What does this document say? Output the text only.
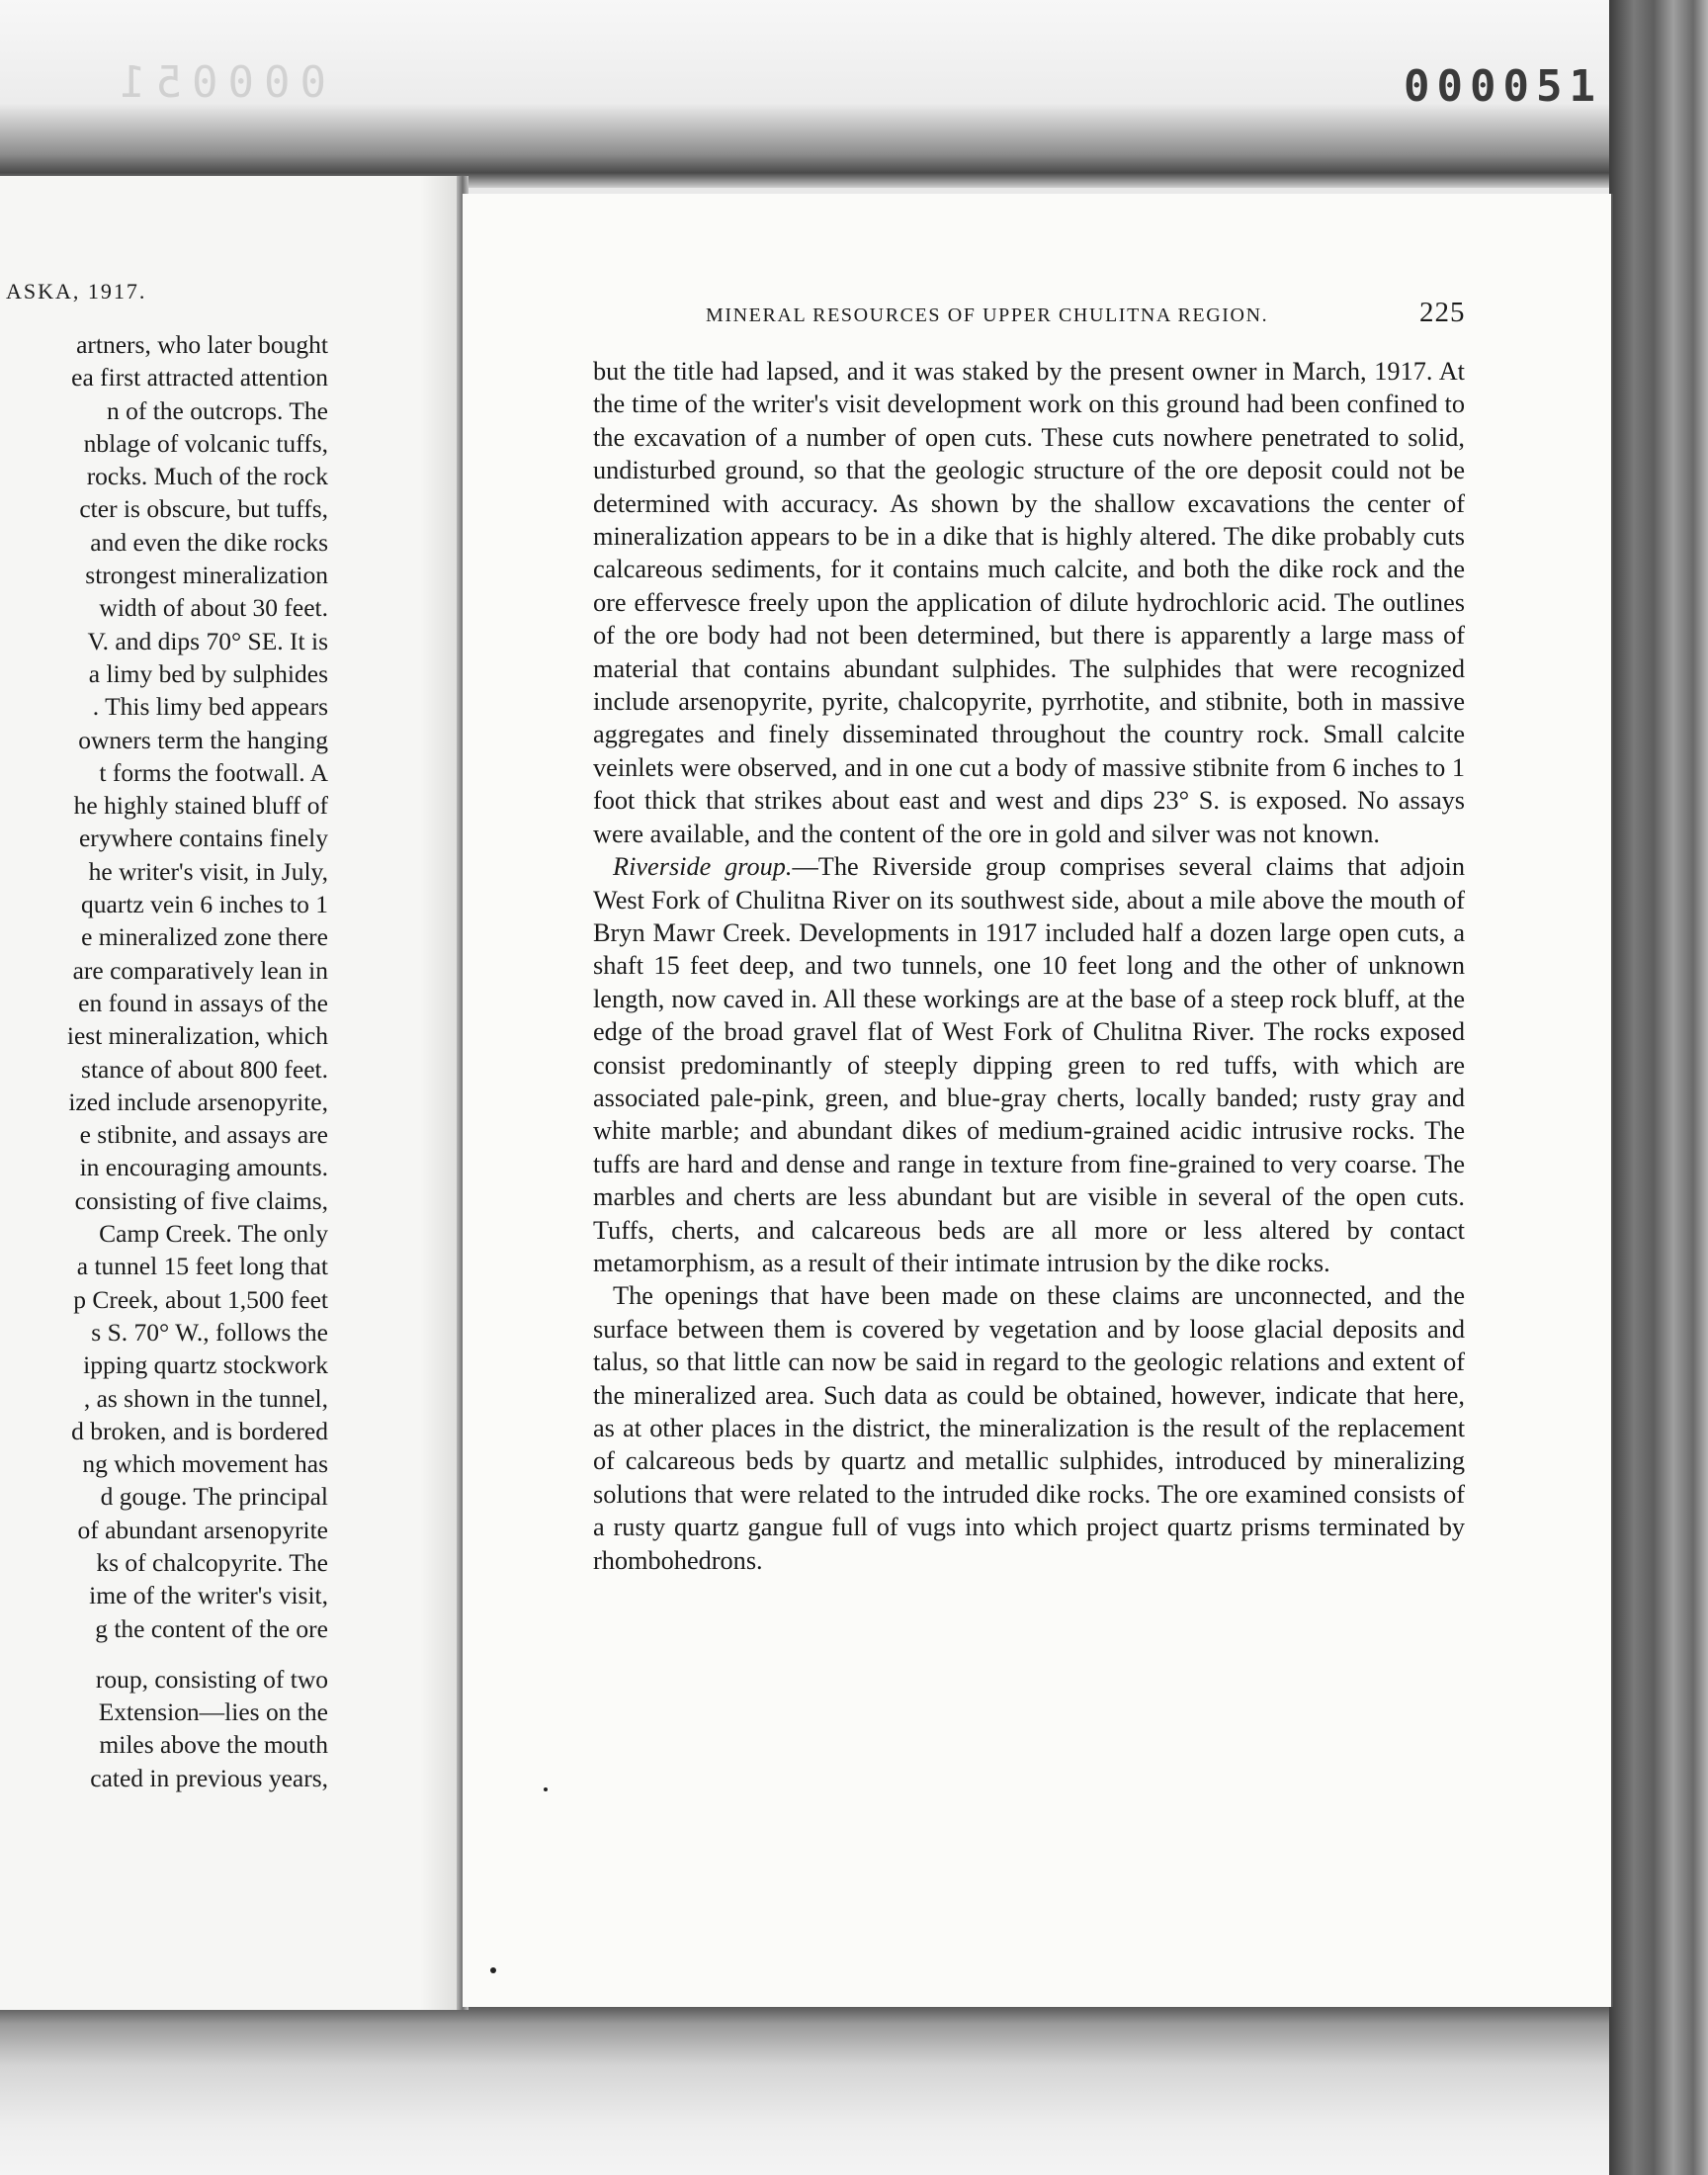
000051	000051

ASKA, 1917.

artners, who later bought
ea first attracted attention
n of the outcrops. The
nblage of volcanic tuffs,
rocks. Much of the rock
cter is obscure, but tuffs,
and even the dike rocks
strongest mineralization
width of about 30 feet.
V. and dips 70° SE. It is
a limy bed by sulphides
. This limy bed appears
owners term the hanging
t forms the footwall. A
he highly stained bluff of
erywhere contains finely
he writer's visit, in July,
quartz vein 6 inches to 1
e mineralized zone there
are comparatively lean in
en found in assays of the
iest mineralization, which
stance of about 800 feet.
ized include arsenopyrite,
e stibnite, and assays are
in encouraging amounts.
consisting of five claims,
Camp Creek. The only
a tunnel 15 feet long that
p Creek, about 1,500 feet
s S. 70° W., follows the
ipping quartz stockwork
, as shown in the tunnel,
d broken, and is bordered
ng which movement has
d gouge. The principal
of abundant arsenopyrite
ks of chalcopyrite. The
ime of the writer's visit,
g the content of the ore
roup, consisting of two
Extension—lies on the
miles above the mouth
cated in previous years,

MINERAL RESOURCES OF UPPER CHULITNA REGION.	225

but the title had lapsed, and it was staked by the present owner in March, 1917. At the time of the writer's visit development work on this ground had been confined to the excavation of a number of open cuts. These cuts nowhere penetrated to solid, undisturbed ground, so that the geologic structure of the ore deposit could not be determined with accuracy. As shown by the shallow excavations the center of mineralization appears to be in a dike that is highly altered. The dike probably cuts calcareous sediments, for it contains much calcite, and both the dike rock and the ore effervesce freely upon the application of dilute hydrochloric acid. The outlines of the ore body had not been determined, but there is apparently a large mass of material that contains abundant sulphides. The sulphides that were recognized include arsenopyrite, pyrite, chalcopyrite, pyrrhotite, and stibnite, both in massive aggregates and finely disseminated throughout the country rock. Small calcite veinlets were observed, and in one cut a body of massive stibnite from 6 inches to 1 foot thick that strikes about east and west and dips 23° S. is exposed. No assays were available, and the content of the ore in gold and silver was not known.

Riverside group.—The Riverside group comprises several claims that adjoin West Fork of Chulitna River on its southwest side, about a mile above the mouth of Bryn Mawr Creek. Developments in 1917 included half a dozen large open cuts, a shaft 15 feet deep, and two tunnels, one 10 feet long and the other of unknown length, now caved in. All these workings are at the base of a steep rock bluff, at the edge of the broad gravel flat of West Fork of Chulitna River. The rocks exposed consist predominantly of steeply dipping green to red tuffs, with which are associated pale-pink, green, and blue-gray cherts, locally banded; rusty gray and white marble; and abundant dikes of medium-grained acidic intrusive rocks. The tuffs are hard and dense and range in texture from fine-grained to very coarse. The marbles and cherts are less abundant but are visible in several of the open cuts. Tuffs, cherts, and calcareous beds are all more or less altered by contact metamorphism, as a result of their intimate intrusion by the dike rocks.

The openings that have been made on these claims are unconnected, and the surface between them is covered by vegetation and by loose glacial deposits and talus, so that little can now be said in regard to the geologic relations and extent of the mineralized area. Such data as could be obtained, however, indicate that here, as at other places in the district, the mineralization is the result of the replacement of calcareous beds by quartz and metallic sulphides, introduced by mineralizing solutions that were related to the intruded dike rocks. The ore examined consists of a rusty quartz gangue full of vugs into which project quartz prisms terminated by rhombohedrons.
